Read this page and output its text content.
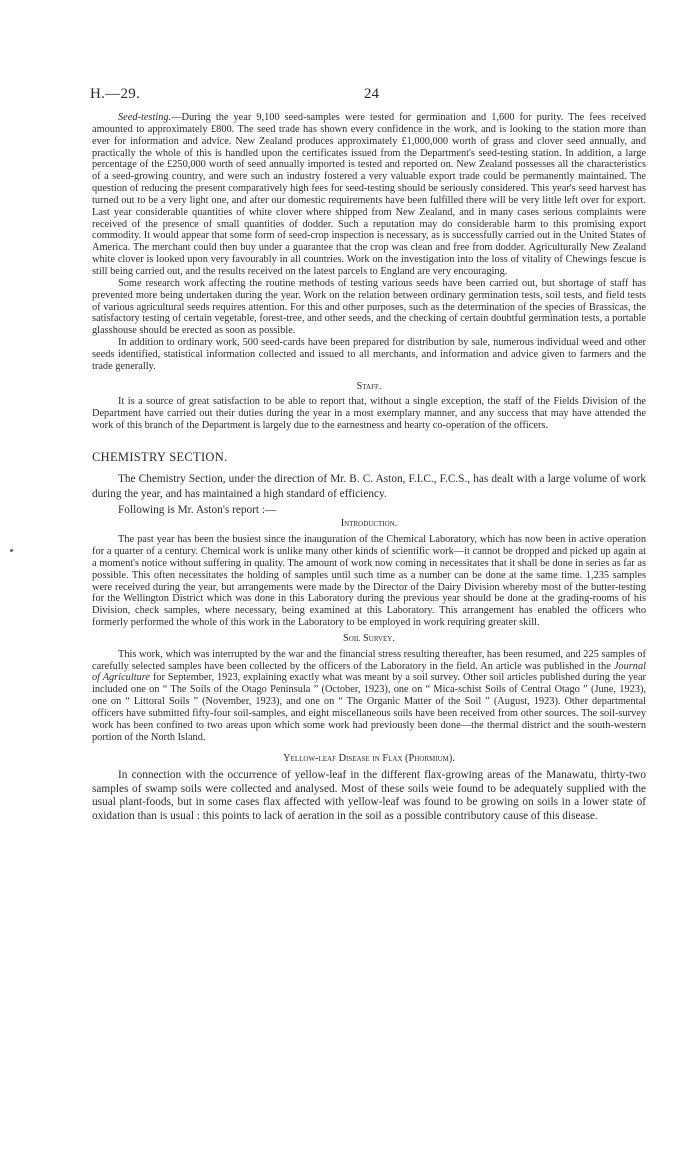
H.—29.	24

Seed-testing.—During the year 9,100 seed-samples were tested for germination and 1,600 for purity. The fees received amounted to approximately £800. The seed trade has shown every confidence in the work, and is looking to the station more than ever for information and advice. New Zealand produces approximately £1,000,000 worth of grass and clover seed annually, and practically the whole of this is handled upon the certificates issued from the Department's seed-testing station. In addition, a large percentage of the £250,000 worth of seed annually imported is tested and reported on. New Zealand possesses all the characteristics of a seed-growing country, and were such an industry fostered a very valuable export trade could be permanently maintained. The question of reducing the present comparatively high fees for seed-testing should be seriously considered. This year's seed harvest has turned out to be a very light one, and after our domestic requirements have been fulfilled there will be very little left over for export. Last year considerable quantities of white clover where shipped from New Zealand, and in many cases serious complaints were received of the presence of small quantities of dodder. Such a reputation may do considerable harm to this promising export commodity. It would appear that some form of seed-crop inspection is necessary, as is successfully carried out in the United States of America. The merchant could then buy under a guarantee that the crop was clean and free from dodder. Agriculturally New Zealand white clover is looked upon very favourably in all countries. Work on the investigation into the loss of vitality of Chewings fescue is still being carried out, and the results received on the latest parcels to England are very encouraging.

Some research work affecting the routine methods of testing various seeds have been carried out, but shortage of staff has prevented more being undertaken during the year. Work on the relation between ordinary germination tests, soil tests, and field tests of various agricultural seeds requires attention. For this and other purposes, such as the determination of the species of Brassicas, the satisfactory testing of certain vegetable, forest-tree, and other seeds, and the checking of certain doubtful germination tests, a portable glasshouse should be erected as soon as possible.

In addition to ordinary work, 500 seed-cards have been prepared for distribution by sale, numerous individual weed and other seeds identified, statistical information collected and issued to all merchants, and information and advice given to farmers and the trade generally.

Staff.

It is a source of great satisfaction to be able to report that, without a single exception, the staff of the Fields Division of the Department have carried out their duties during the year in a most exemplary manner, and any success that may have attended the work of this branch of the Department is largely due to the earnestness and hearty co-operation of the officers.

CHEMISTRY SECTION.

The Chemistry Section, under the direction of Mr. B. C. Aston, F.I.C., F.C.S., has dealt with a large volume of work during the year, and has maintained a high standard of efficiency.

Following is Mr. Aston's report :—

Introduction.

The past year has been the busiest since the inauguration of the Chemical Laboratory, which has now been in active operation for a quarter of a century. Chemical work is unlike many other kinds of scientific work—it cannot be dropped and picked up again at a moment's notice without suffering in quality. The amount of work now coming in necessitates that it shall be done in series as far as possible. This often necessitates the holding of samples until such time as a number can be done at the same time. 1,235 samples were received during the year, but arrangements were made by the Director of the Dairy Division whereby most of the butter-testing for the Wellington District which was done in this Laboratory during the previous year should be done at the grading-rooms of his Division, check samples, where necessary, being examined at this Laboratory. This arrangement has enabled the officers who formerly performed the whole of this work in the Laboratory to be employed in work requiring greater skill.

Soil Survey.

This work, which was interrupted by the war and the financial stress resulting thereafter, has been resumed, and 225 samples of carefully selected samples have been collected by the officers of the Laboratory in the field. An article was published in the Journal of Agriculture for September, 1923, explaining exactly what was meant by a soil survey. Other soil articles published during the year included one on “ The Soils of the Otago Peninsula ” (October, 1923), one on “ Mica-schist Soils of Central Otago ” (June, 1923), one on “ Littoral Soils ” (November, 1923), and one on “ The Organic Matter of the Soil ” (August, 1923). Other departmental officers have submitted fifty-four soil-samples, and eight miscellaneous soils have been received from other sources. The soil-survey work has been confined to two areas upon which some work had previously been done—the thermal district and the south-western portion of the North Island.

Yellow-leaf Disease in Flax (Phormium).

In connection with the occurrence of yellow-leaf in the different flax-growing areas of the Manawatu, thirty-two samples of swamp soils were collected and analysed. Most of these soils weie found to be adequately supplied with the usual plant-foods, but in some cases flax affected with yellow-leaf was found to be growing on soils in a lower state of oxidation than is usual : this points to lack of aeration in the soil as a possible contributory cause of this disease.
